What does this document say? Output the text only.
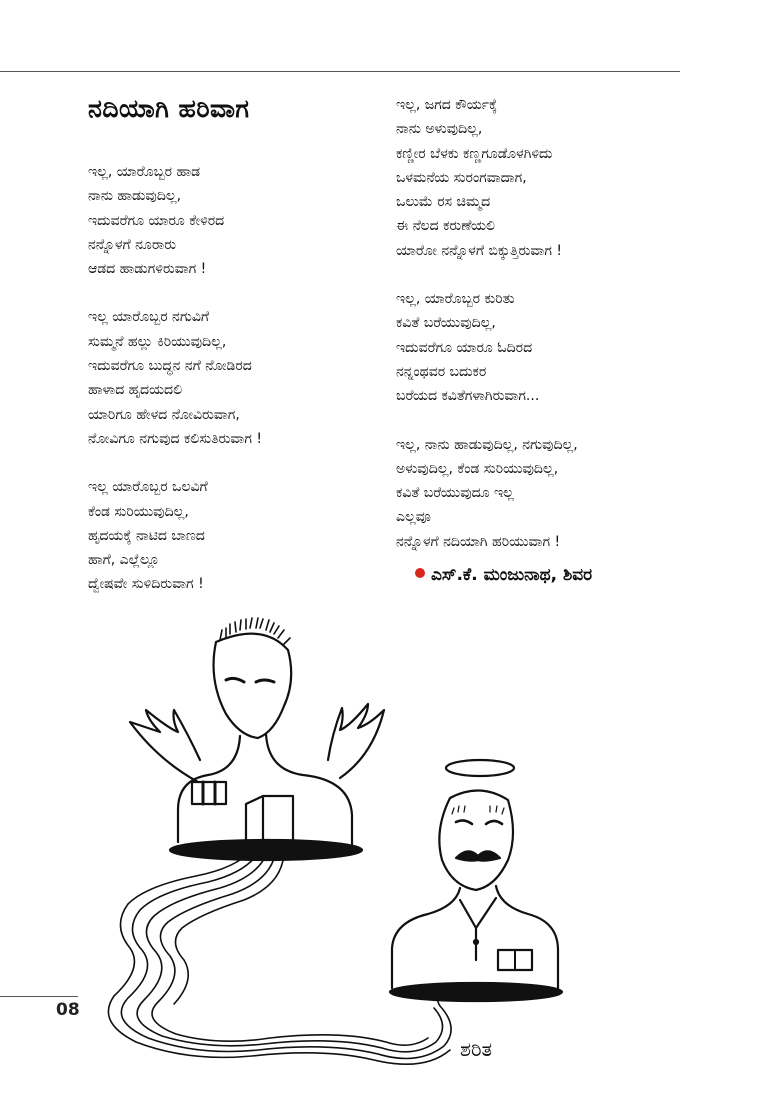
ನದಿಯಾಗಿ ಹರಿವಾಗ

ಇಲ್ಲ, ಯಾರೊಬ್ಬರ ಹಾಡ
ನಾನು ಹಾಡುವುದಿಲ್ಲ,
ಇದುವರೆಗೂ ಯಾರೂ ಕೇಳಿರದ
ನನ್ನೊಳಗೆ ನೂರಾರು
ಆಡದ ಹಾಡುಗಳಿರುವಾಗ !

ಇಲ್ಲ ಯಾರೊಬ್ಬರ ನಗುವಿಗೆ
ಸುಮ್ಮನೆ ಹಲ್ಲು ಕಿರಿಯುವುದಿಲ್ಲ,
ಇದುವರೆಗೂ ಬುದ್ಧನ ನಗೆ ನೋಡಿರದ
ಹಾಳಾದ ಹೃದಯದಲಿ
ಯಾರಿಗೂ ಹೇಳದ ನೋವಿರುವಾಗ,
ನೋವಿಗೂ ನಗುವುದ ಕಲಿಸುತಿರುವಾಗ !

ಇಲ್ಲ ಯಾರೊಬ್ಬರ ಒಲವಿಗೆ
ಕೆಂಡ ಸುರಿಯುವುದಿಲ್ಲ,
ಹೃದಯಕ್ಕೆ ನಾಟಿದ ಬಾಣದ
ಹಾಗೆ, ಎಲ್ಲೆಲ್ಲೂ
ದ್ವೇಷವೇ ಸುಳಿದಿರುವಾಗ !

ಇಲ್ಲ, ಜಗದ ಕೌರ್ಯಕ್ಕೆ
ನಾನು ಅಳುವುದಿಲ್ಲ,
ಕಣ್ಣೀರ ಬೆಳಕು ಕಣ್ಣಗೂಡೊಳಗಿಳಿದು
ಒಳಮನೆಯ ಸುರಂಗವಾದಾಗ,
ಒಲುಮೆ ರಸ ಚಿಮ್ಮದ
ಈ ನೆಲದ ಕರುಣೆಯಲಿ
ಯಾರೋ ನನ್ನೊಳಗೆ ಬಿಕ್ಕುತ್ತಿರುವಾಗ !

ಇಲ್ಲ, ಯಾರೊಬ್ಬರ ಕುರಿತು
ಕವಿತೆ ಬರೆಯುವುದಿಲ್ಲ,
ಇದುವರೆಗೂ ಯಾರೂ ಓದಿರದ
ನನ್ನಂಥವರ ಬದುಕರ
ಬರೆಯದ ಕವಿತೆಗಳಾಗಿರುವಾಗ...

ಇಲ್ಲ, ನಾನು ಹಾಡುವುದಿಲ್ಲ, ನಗುವುದಿಲ್ಲ,
ಅಳುವುದಿಲ್ಲ, ಕೆಂಡ ಸುರಿಯುವುದಿಲ್ಲ,
ಕವಿತೆ ಬರೆಯುವುದೂ ಇಲ್ಲ
ಎಲ್ಲವೂ
ನನ್ನೊಳಗೆ ನದಿಯಾಗಿ ಹರಿಯುವಾಗ !

ಎಸ್.ಕೆ. ಮಂಜುನಾಥ, ಶಿವರ
ಶರಿತ
08
